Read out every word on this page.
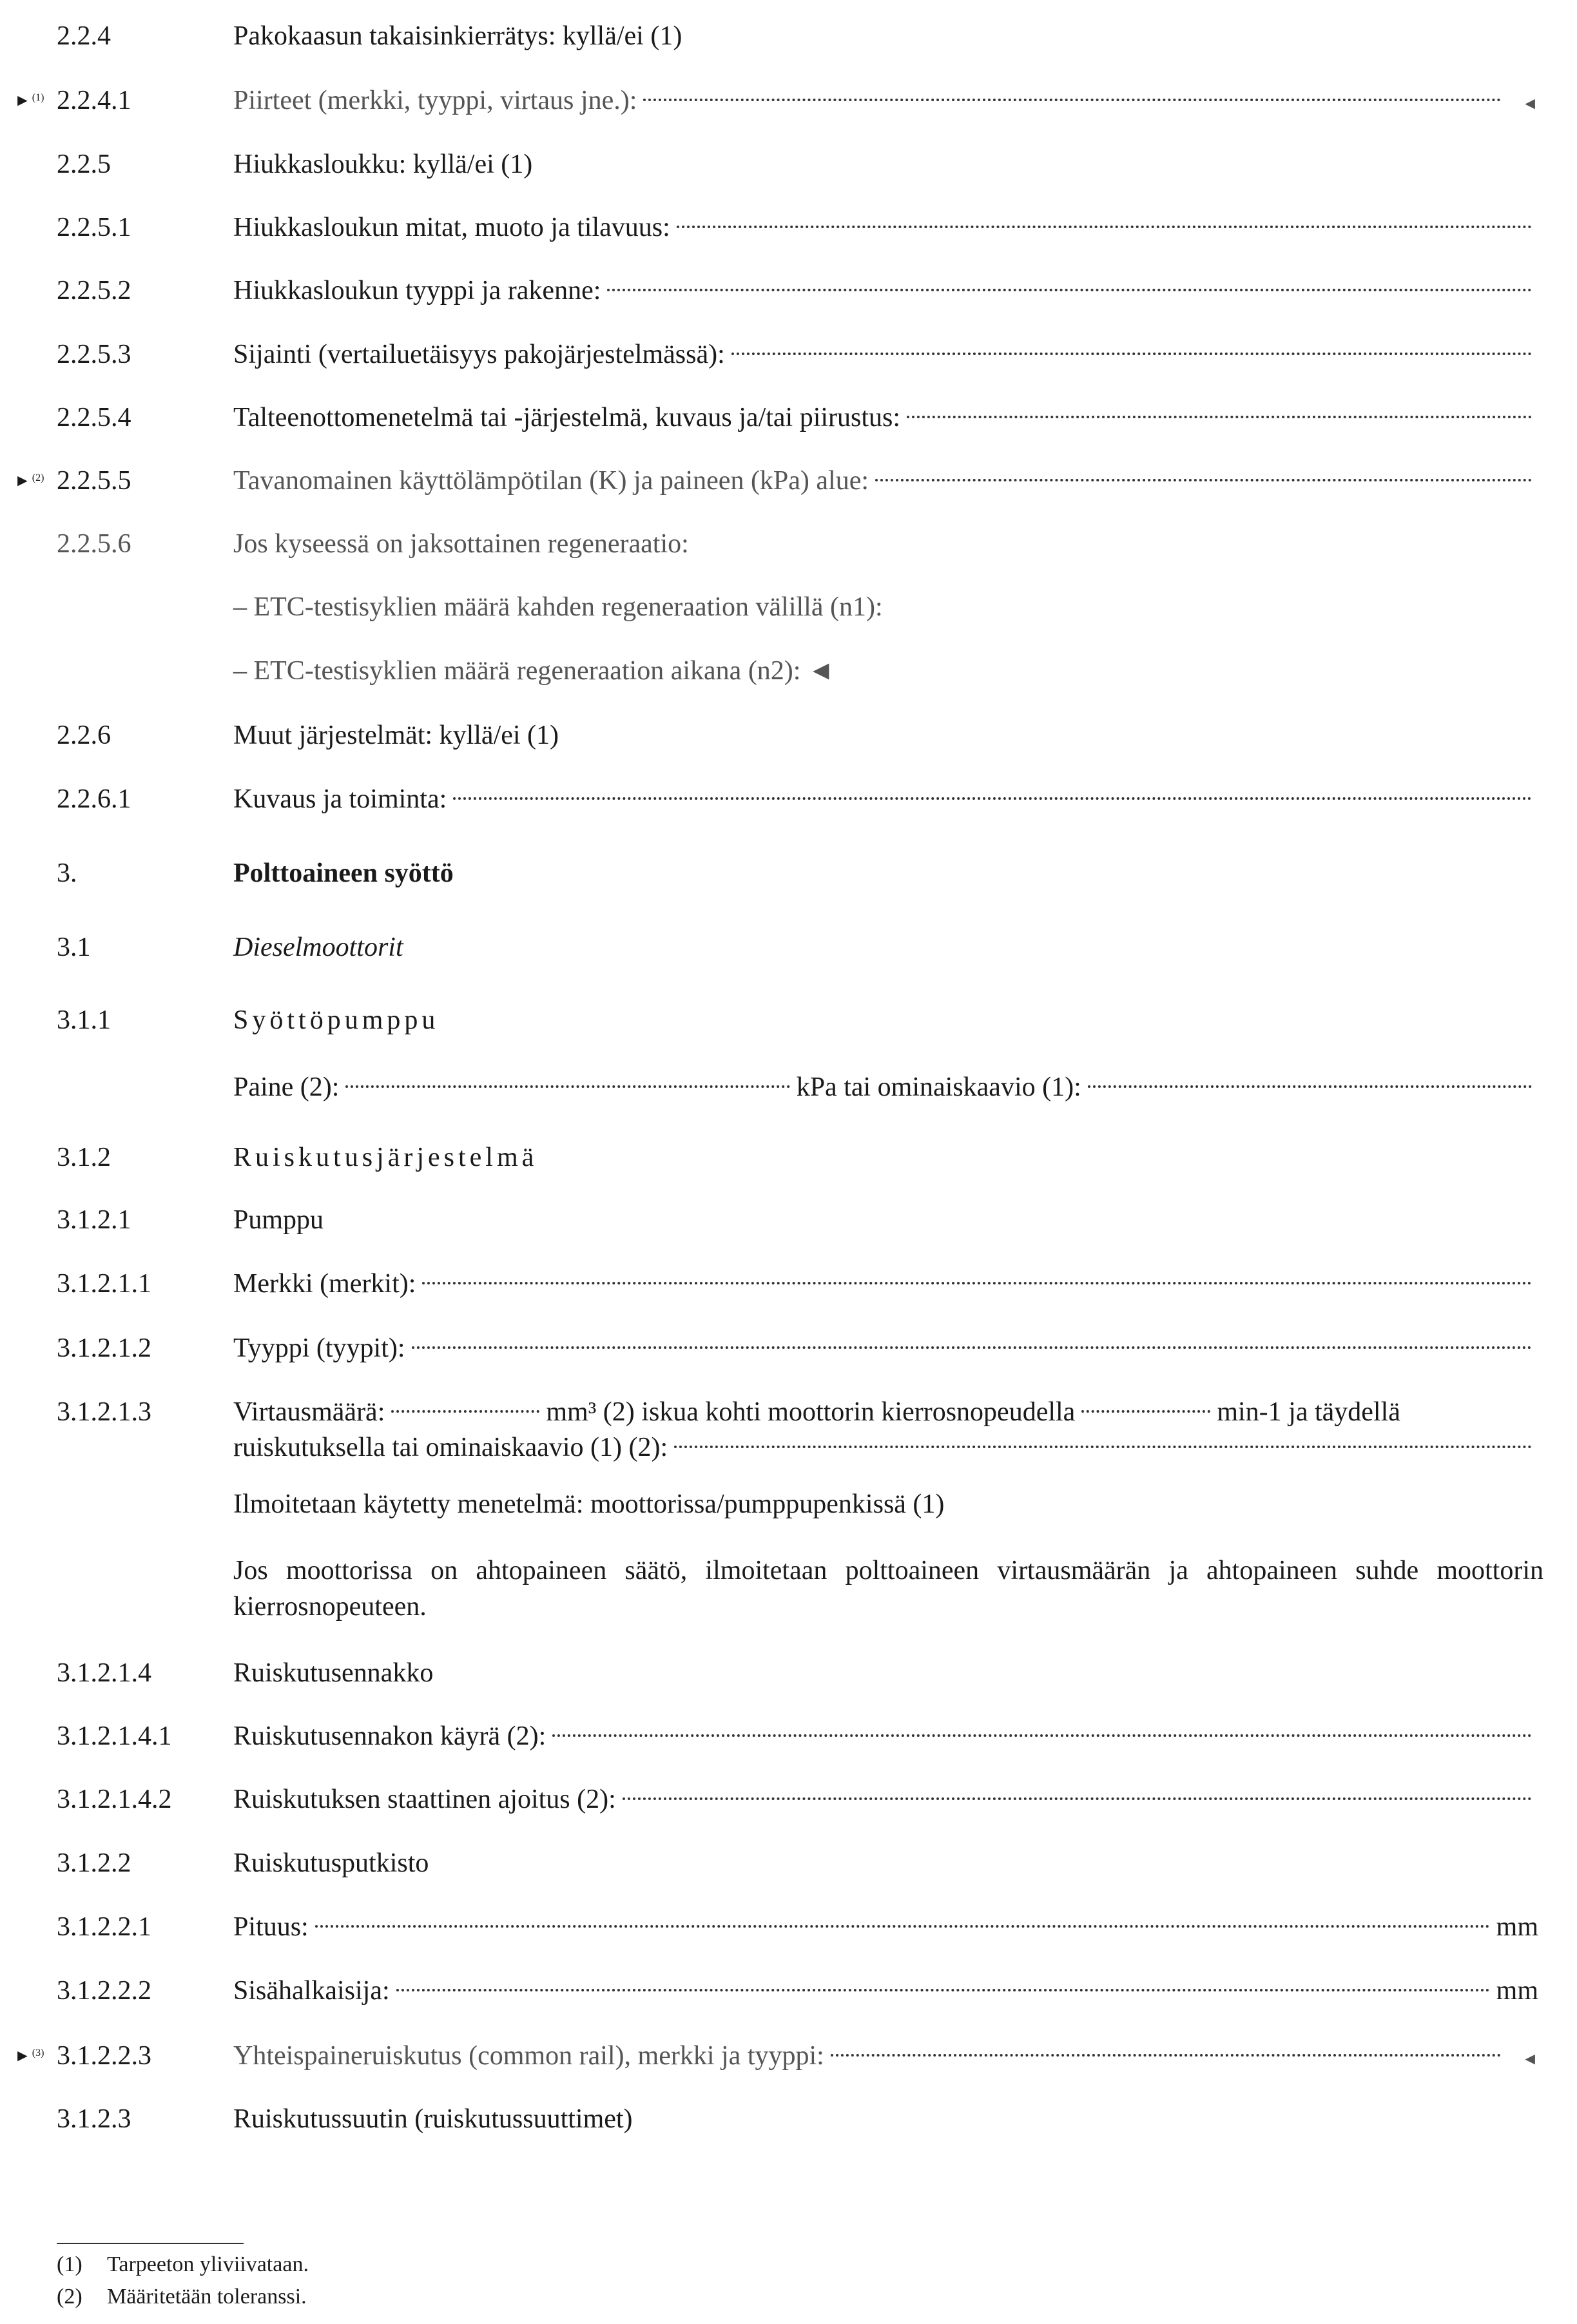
2.2.4	Pakokaasun takaisinkierrätys: kyllä/ei (1)
► $^{(1)}$ 2.2.4.1	Piirteet (merkki, tyyppi, virtaus jne.):	◄
2.2.5	Hiukkasloukku: kyllä/ei (1)
2.2.5.1	Hiukkasloukun mitat, muoto ja tilavuus:
2.2.5.2	Hiukkasloukun tyyppi ja rakenne:
2.2.5.3	Sijainti (vertailuetäisyys pakojärjestelmässä):
2.2.5.4	Talteenottomenetelmä tai -järjestelmä, kuvaus ja/tai piirustus:
► $^{(2)}$ 2.2.5.5	Tavanomainen käyttölämpötilan (K) ja paineen (kPa) alue:
2.2.5.6	Jos kyseessä on jaksottainen regeneraatio:
– ETC-testisyklien määrä kahden regeneraation välillä (n1):
– ETC-testisyklien määrä regeneraation aikana (n2): ◄
2.2.6	Muut järjestelmät: kyllä/ei (1)
2.2.6.1	Kuvaus ja toiminta:
3.	Polttoaineen syöttö
3.1	Dieselmoottorit
3.1.1	Syöttöpumppu
Paine (2):	kPa tai ominaiskaavio (1):
3.1.2	Ruiskutusjärjestelmä
3.1.2.1	Pumppu
3.1.2.1.1	Merkki (merkit):
3.1.2.1.2	Tyyppi (tyypit):
3.1.2.1.3	Virtausmäärä:	mm³ (2) iskua kohti moottorin kierrosnopeudella	min-1 ja täydellä
ruiskutuksella tai ominaiskaavio (1) (2):
Ilmoitetaan käytetty menetelmä: moottorissa/pumppupenkissä (1)
Jos moottorissa on ahtopaineen säätö, ilmoitetaan polttoaineen virtausmäärän ja ahtopaineen suhde moottorin kierrosnopeuteen.
3.1.2.1.4	Ruiskutusennakko
3.1.2.1.4.1 Ruiskutusennakon käyrä (2):
3.1.2.1.4.2 Ruiskutuksen staattinen ajoitus (2):
3.1.2.2	Ruiskutusputkisto
3.1.2.2.1	Pituus:	mm
3.1.2.2.2	Sisähalkaisija:	mm
► $^{(3)}$ 3.1.2.2.3	Yhteispaineruiskutus (common rail), merkki ja tyyppi:	◄
3.1.2.3	Ruiskutussuutin (ruiskutussuuttimet)
(1) Tarpeeton yliviivataan.
(2) Määritetään toleranssi.
